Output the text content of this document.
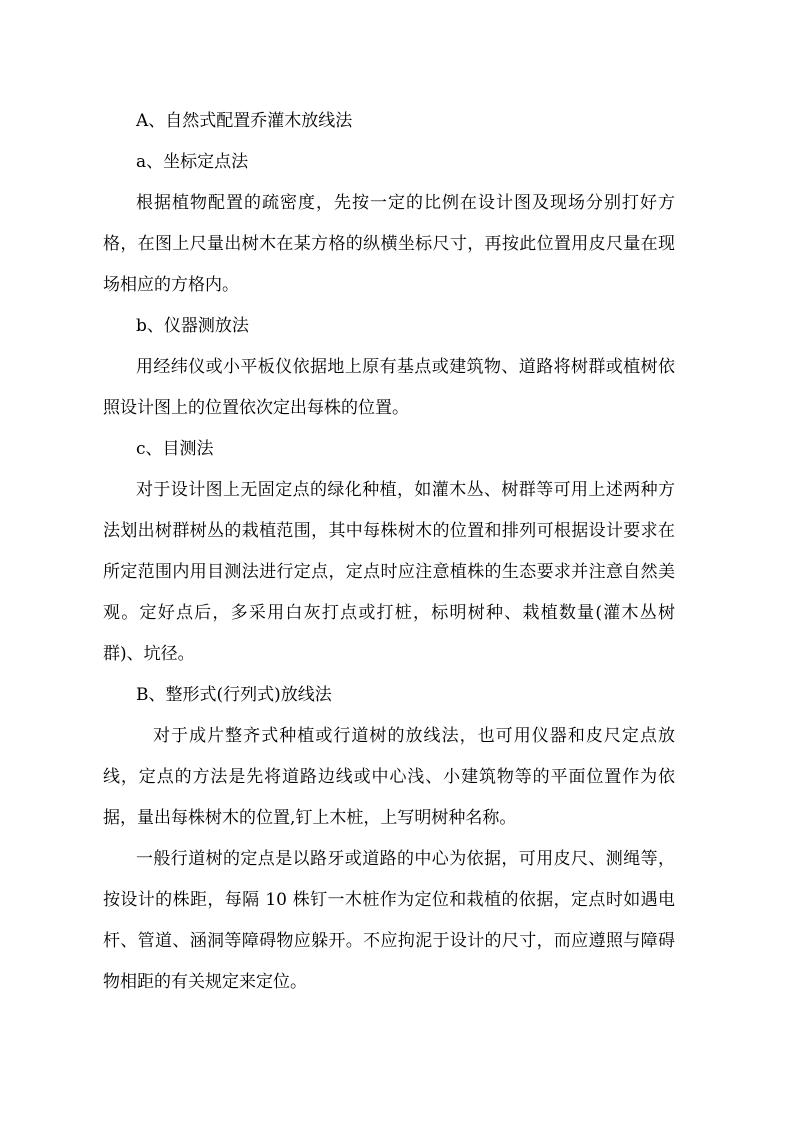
A、自然式配置乔灌木放线法

a、坐标定点法

根据植物配置的疏密度，先按一定的比例在设计图及现场分别打好方格，在图上尺量出树木在某方格的纵横坐标尺寸，再按此位置用皮尺量在现场相应的方格内。

b、仪器测放法

用经纬仪或小平板仪依据地上原有基点或建筑物、道路将树群或植树依照设计图上的位置依次定出每株的位置。

c、目测法

对于设计图上无固定点的绿化种植，如灌木丛、树群等可用上述两种方法划出树群树丛的栽植范围，其中每株树木的位置和排列可根据设计要求在所定范围内用目测法进行定点，定点时应注意植株的生态要求并注意自然美观。定好点后，多采用白灰打点或打桩，标明树种、栽植数量(灌木丛树群)、坑径。

B、整形式(行列式)放线法

对于成片整齐式种植或行道树的放线法，也可用仪器和皮尺定点放线，定点的方法是先将道路边线或中心浅、小建筑物等的平面位置作为依据，量出每株树木的位置,钉上木桩，上写明树种名称。

一般行道树的定点是以路牙或道路的中心为依据，可用皮尺、测绳等，按设计的株距，每隔 10 株钉一木桩作为定位和栽植的依据，定点时如遇电杆、管道、涵洞等障碍物应躲开。不应拘泥于设计的尺寸，而应遵照与障碍物相距的有关规定来定位。
